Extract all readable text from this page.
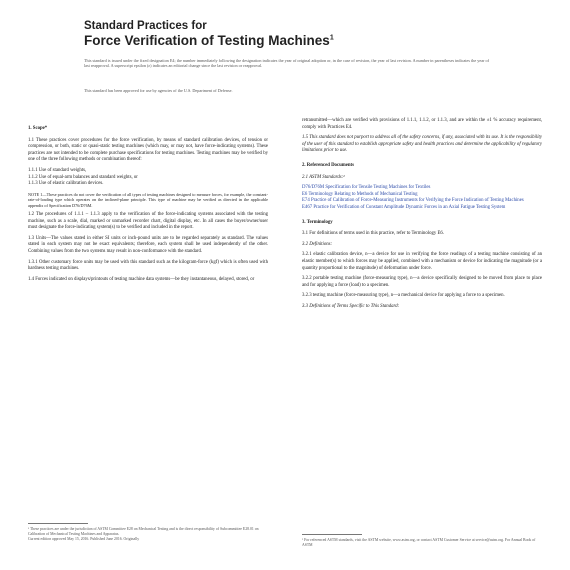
Standard Practices for
Force Verification of Testing Machines$^1$
This standard is issued under the fixed designation E4; the number immediately following the designation indicates the year of original adoption or, in the case of revision, the year of last revision. A number in parentheses indicates the year of last reapproval. A superscript epsilon (ε) indicates an editorial change since the last revision or reapproval.
This standard has been approved for use by agencies of the U.S. Department of Defense.
1. Scope*
1.1 These practices cover procedures for the force verification, by means of standard calibration devices, of tension or compression, or both, static or quasi-static testing machines (which may, or may not, have force-indicating systems). These practices are not intended to be complete purchase specifications for testing machines. Testing machines may be verified by one of the three following methods or combination thereof:
1.1.1 Use of standard weights,
1.1.2 Use of equal-arm balances and standard weights, or
1.1.3 Use of elastic calibration devices.
NOTE 1—These practices do not cover the verification of all types of testing machines designed to measure forces, for example, the constant-rate-of-loading type which operates on the inclined-plane principle. This type of machine may be verified as directed in the applicable appendix of Specification D76/D76M.
1.2 The procedures of 1.1.1 – 1.1.3 apply to the verification of the force-indicating systems associated with the testing machine, such as a scale, dial, marked or unmarked recorder chart, digital display, etc. In all cases the buyer/owner/user must designate the force-indicating system(s) to be verified and included in the report.
1.3 Units—The values stated in either SI units or inch-pound units are to be regarded separately as standard. The values stated in each system may not be exact equivalents; therefore, each system shall be used independently of the other. Combining values from the two systems may result in non-conformance with the standard.
1.3.1 Other customary force units may be used with this standard such as the kilogram-force (kgf) which is often used with hardness testing machines.
1.4 Forces indicated on displays/printouts of testing machine data systems—be they instantaneous, delayed, stored, or
¹ These practices are under the jurisdiction of ASTM Committee E28 on Mechanical Testing and is the direct responsibility of Subcommittee E28.01 on Calibration of Mechanical Testing Machines and Apparatus.
Current edition approved May 15, 2016. Published June 2016. Originally
retransmitted—which are verified with provisions of 1.1.1, 1.1.2, or 1.1.3, and are within the ±1 % accuracy requirement, comply with Practices E4.
1.5 This standard does not purport to address all of the safety concerns, if any, associated with its use. It is the responsibility of the user of this standard to establish appropriate safety and health practices and determine the applicability of regulatory limitations prior to use.
2. Referenced Documents
2.1 ASTM Standards:²
D76/D76M Specification for Tensile Testing Machines for Textiles
E6 Terminology Relating to Methods of Mechanical Testing
E74 Practice of Calibration of Force-Measuring Instruments for Verifying the Force Indication of Testing Machines
E467 Practice for Verification of Constant Amplitude Dynamic Forces in an Axial Fatigue Testing System
3. Terminology
3.1 For definitions of terms used in this practice, refer to Terminology E6.
3.2 Definitions:
3.2.1 elastic calibration device, n—a device for use in verifying the force readings of a testing machine consisting of an elastic member(s) to which forces may be applied, combined with a mechanism or device for indicating the magnitude (or a quantity proportional to the magnitude) of deformation under force.
3.2.2 portable testing machine (force-measuring type), n—a device specifically designed to be moved from place to place and for applying a force (load) to a specimen.
3.2.3 testing machine (force-measuring type), n—a mechanical device for applying a force to a specimen.
3.3 Definitions of Terms Specific to This Standard:
² For referenced ASTM standards, visit the ASTM website, www.astm.org, or contact ASTM Customer Service at service@astm.org. For Annual Book of ASTM
